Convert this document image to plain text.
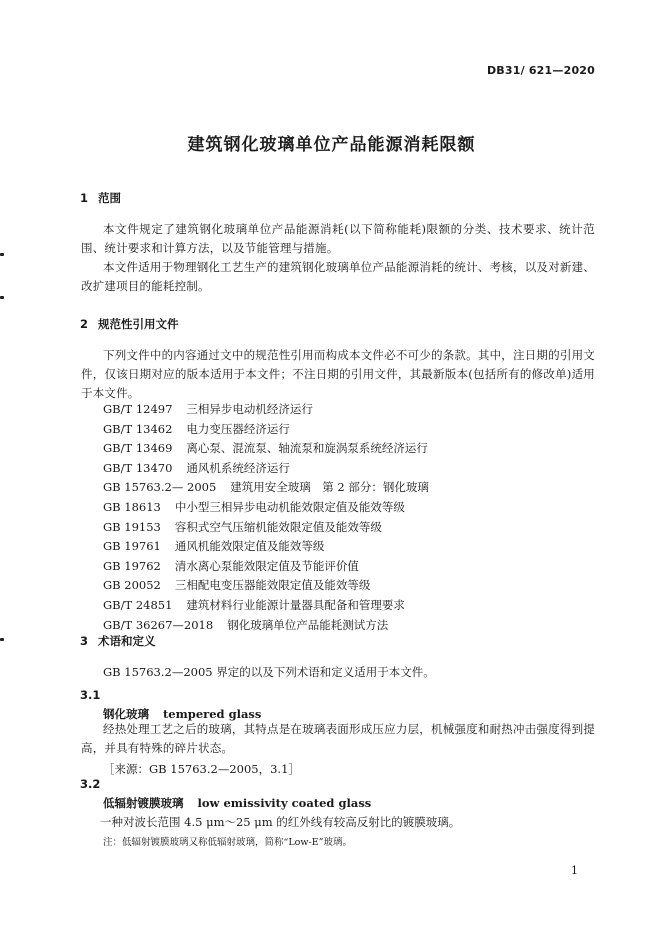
DB31/ 621—2020
建筑钢化玻璃单位产品能源消耗限额
1 范围
本文件规定了建筑钢化玻璃单位产品能源消耗(以下简称能耗)限额的分类、技术要求、统计范围、统计要求和计算方法，以及节能管理与措施。
本文件适用于物理钢化工艺生产的建筑钢化玻璃单位产品能源消耗的统计、考核，以及对新建、改扩建项目的能耗控制。
2 规范性引用文件
下列文件中的内容通过文中的规范性引用而构成本文件必不可少的条款。其中，注日期的引用文件，仅该日期对应的版本适用于本文件；不注日期的引用文件，其最新版本(包括所有的修改单)适用于本文件。
GB/T 12497 三相异步电动机经济运行
GB/T 13462 电力变压器经济运行
GB/T 13469 离心泵、混流泵、轴流泵和旋涡泵系统经济运行
GB/T 13470 通风机系统经济运行
GB 15763.2— 2005 建筑用安全玻璃　第 2 部分：钢化玻璃
GB 18613 中小型三相异步电动机能效限定值及能效等级
GB 19153 容积式空气压缩机能效限定值及能效等级
GB 19761 通风机能效限定值及能效等级
GB 19762 清水离心泵能效限定值及节能评价值
GB 20052 三相配电变压器能效限定值及能效等级
GB/T 24851 建筑材料行业能源计量器具配备和管理要求
GB/T 36267—2018 钢化玻璃单位产品能耗测试方法
3 术语和定义
GB 15763.2—2005 界定的以及下列术语和定义适用于本文件。
3.1
钢化玻璃 tempered glass
经热处理工艺之后的玻璃，其特点是在玻璃表面形成压应力层，机械强度和耐热冲击强度得到提高，并具有特殊的碎片状态。
［来源：GB 15763.2—2005，3.1］
3.2
低辐射镀膜玻璃 low emissivity coated glass
一种对波长范围 4.5 μm～25 μm 的红外线有较高反射比的镀膜玻璃。
注：低辐射镀膜玻璃又称低辐射玻璃，简称“Low-E”玻璃。
1
